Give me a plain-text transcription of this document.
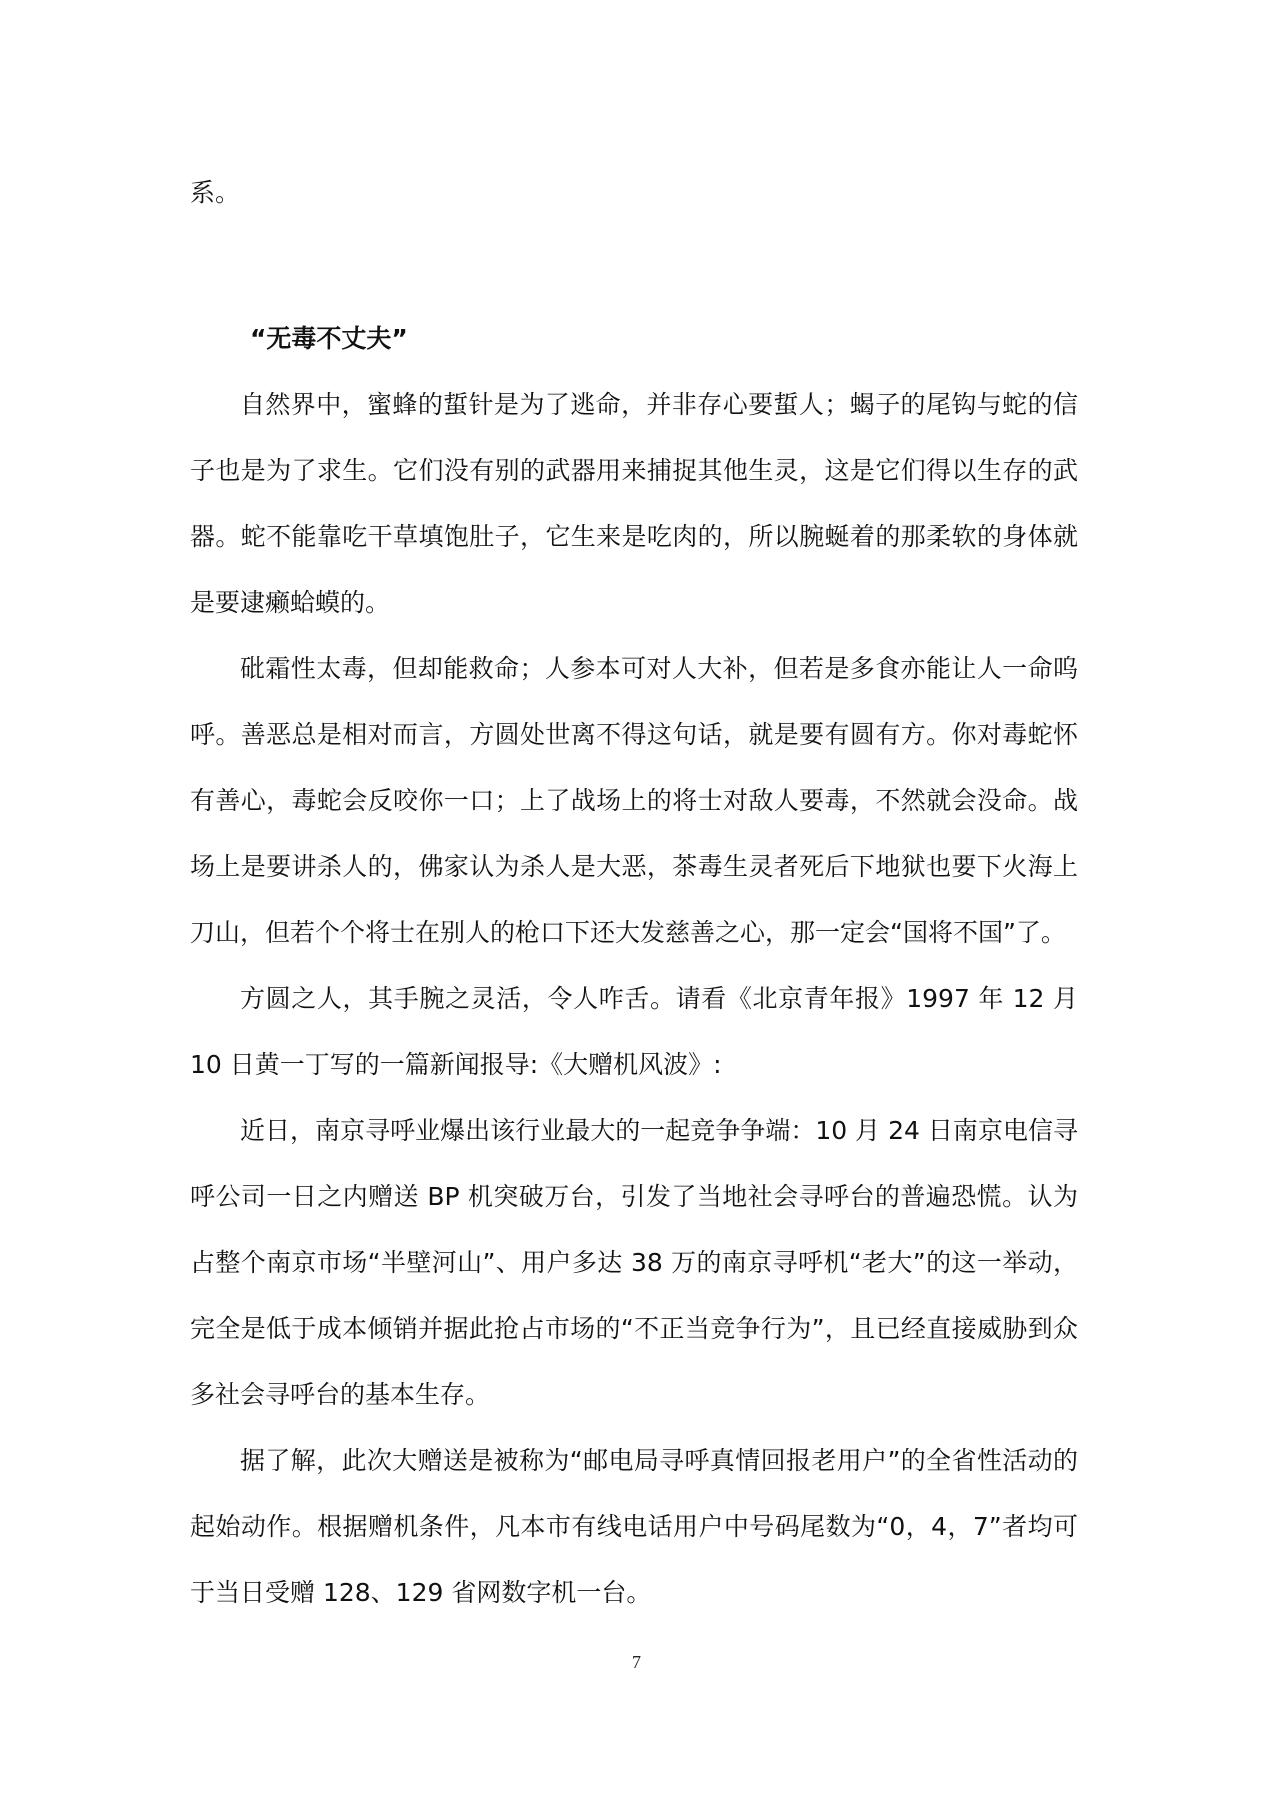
系。

“无毒不丈夫”

自然界中，蜜蜂的蜇针是为了逃命，并非存心要蜇人；蝎子的尾钩与蛇的信子也是为了求生。它们没有别的武器用来捕捉其他生灵，这是它们得以生存的武器。蛇不能靠吃干草填饱肚子，它生来是吃肉的，所以腕蜒着的那柔软的身体就是要逮癞蛤蟆的。

砒霜性太毒，但却能救命；人参本可对人大补，但若是多食亦能让人一命呜呼。善恶总是相对而言，方圆处世离不得这句话，就是要有圆有方。你对毒蛇怀有善心，毒蛇会反咬你一口；上了战场上的将士对敌人要毒，不然就会没命。战场上是要讲杀人的，佛家认为杀人是大恶，茶毒生灵者死后下地狱也要下火海上刀山，但若个个将士在别人的枪口下还大发慈善之心，那一定会“国将不国”了。

方圆之人，其手腕之灵活，令人咋舌。请看《北京青年报》1997 年 12 月 10 日黄一丁写的一篇新闻报导:《大赠机风波》:

近日，南京寻呼业爆出该行业最大的一起竞争争端：10 月 24 日南京电信寻呼公司一日之内赠送 BP 机突破万台，引发了当地社会寻呼台的普遍恐慌。认为占整个南京市场“半壁河山”、用户多达 38 万的南京寻呼机“老大”的这一举动，完全是低于成本倾销并据此抢占市场的“不正当竞争行为”，且已经直接威胁到众多社会寻呼台的基本生存。

据了解，此次大赠送是被称为“邮电局寻呼真情回报老用户”的全省性活动的起始动作。根据赠机条件，凡本市有线电话用户中号码尾数为“0，4，7”者均可于当日受赠 128、129 省网数字机一台。

7
